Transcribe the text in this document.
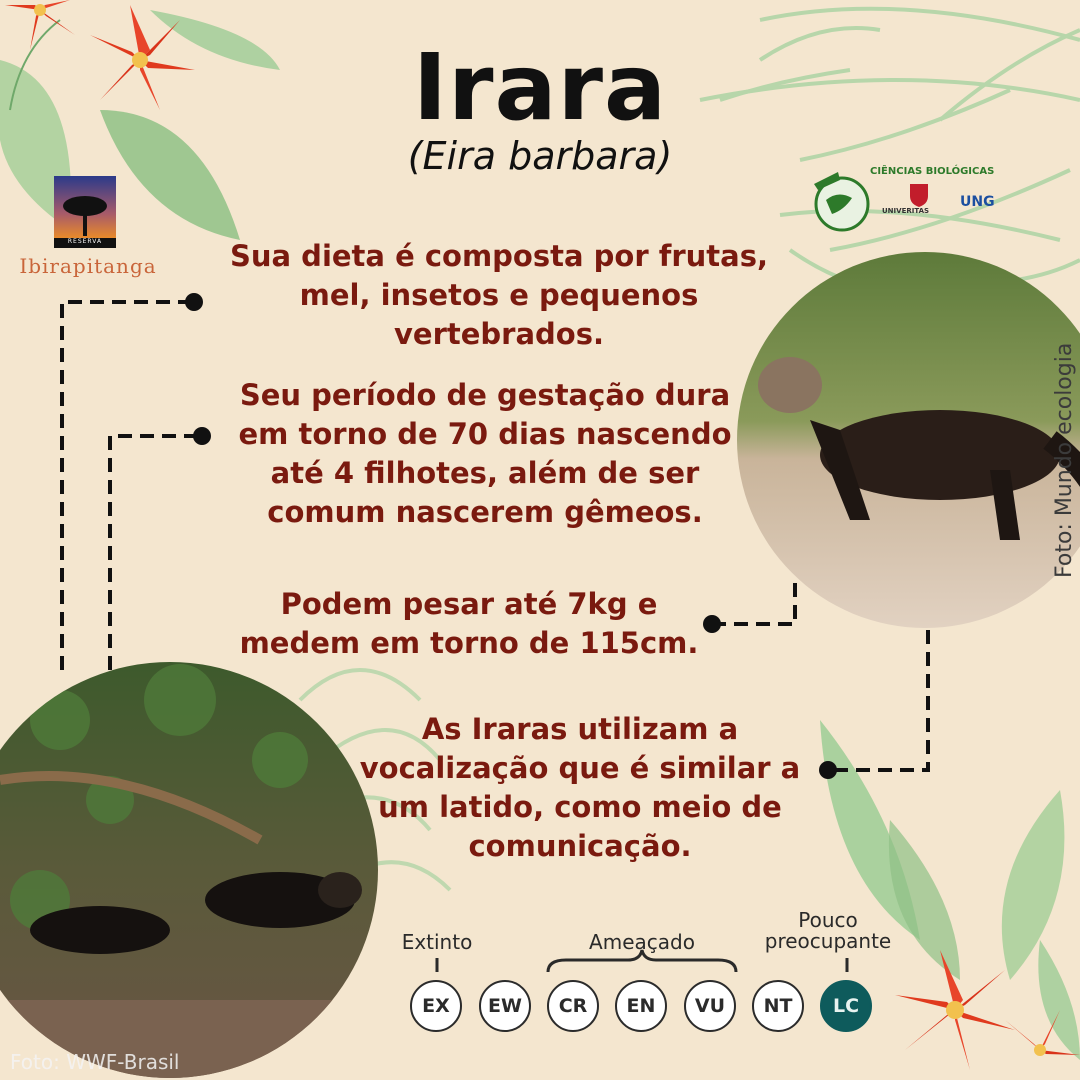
RESERVA
Ibirapitanga
CIÊNCIAS BIOLÓGICAS
UNIVERITAS
UNG
Irara
(Eira barbara)
Sua dieta é composta por frutas, mel, insetos e pequenos vertebrados.
Seu período de gestação dura em torno de 70 dias nascendo até 4 filhotes, além de ser comum nascerem gêmeos.
Podem pesar até 7kg e medem em torno de 115cm.
As Iraras utilizam a vocalização que é similar a um latido, como meio de comunicação.
Foto: Mundo ecologia
Foto: WWF-Brasil
Extinto	Ameaçado
Pouco preocupante
EX	EW	CR	EN	VU	NT	LC
